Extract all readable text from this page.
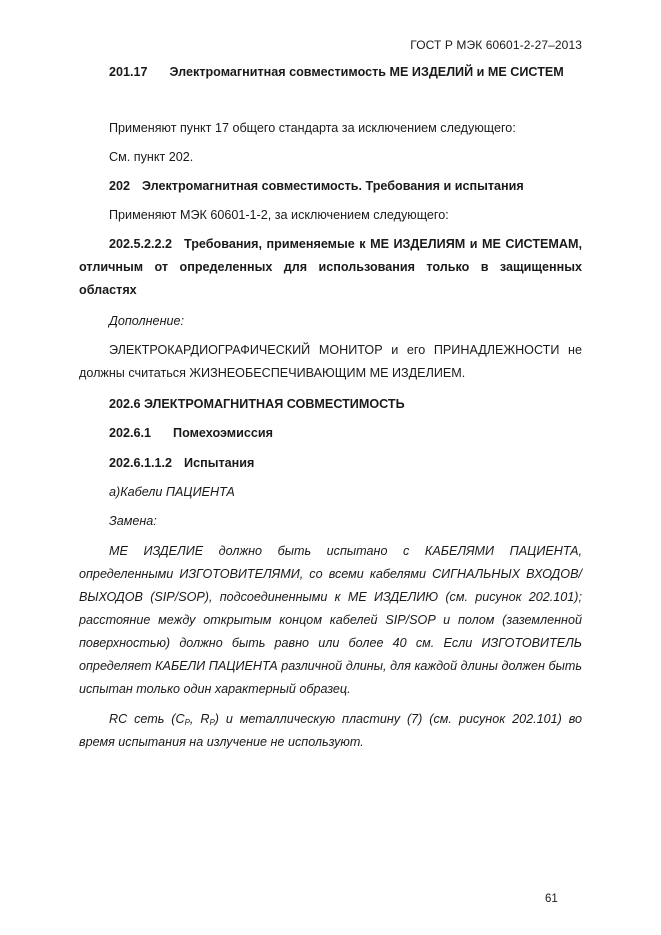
ГОСТ Р МЭК 60601-2-27–2013
201.17 Электромагнитная совместимость МЕ ИЗДЕЛИЙ и МЕ СИСТЕМ
Применяют пункт 17 общего стандарта за исключением следующего:
См. пункт 202.
202 Электромагнитная совместимость. Требования и испытания
Применяют МЭК 60601-1-2, за исключением следующего:
202.5.2.2.2 Требования, применяемые к МЕ ИЗДЕЛИЯМ и МЕ СИСТЕМАМ, отличным от определенных для использования только в защищенных областях
Дополнение:
ЭЛЕКТРОКАРДИОГРАФИЧЕСКИЙ МОНИТОР и его ПРИНАДЛЕЖНОСТИ не должны считаться ЖИЗНЕОБЕСПЕЧИВАЮЩИМ МЕ ИЗДЕЛИЕМ.
202.6 ЭЛЕКТРОМАГНИТНАЯ СОВМЕСТИМОСТЬ
202.6.1 Помехоэмиссия
202.6.1.1.2 Испытания
a)Кабели ПАЦИЕНТА
Замена:
МЕ ИЗДЕЛИЕ должно быть испытано с КАБЕЛЯМИ ПАЦИЕНТА, определенными ИЗГОТОВИТЕЛЯМИ, со всеми кабелями СИГНАЛЬНЫХ ВХОДОВ/ВЫХОДОВ (SIP/SOP), подсоединенными к МЕ ИЗДЕЛИЮ (см. рисунок 202.101); расстояние между открытым концом кабелей SIP/SOP и полом (заземленной поверхностью) должно быть равно или более 40 см. Если ИЗГОТОВИТЕЛЬ определяет КАБЕЛИ ПАЦИЕНТА различной длины, для каждой длины должен быть испытан только один характерный образец.
RC сеть ($C_P$, $R_P$) и металлическую пластину (7) (см. рисунок 202.101) во время испытания на излучение не используют.
61
